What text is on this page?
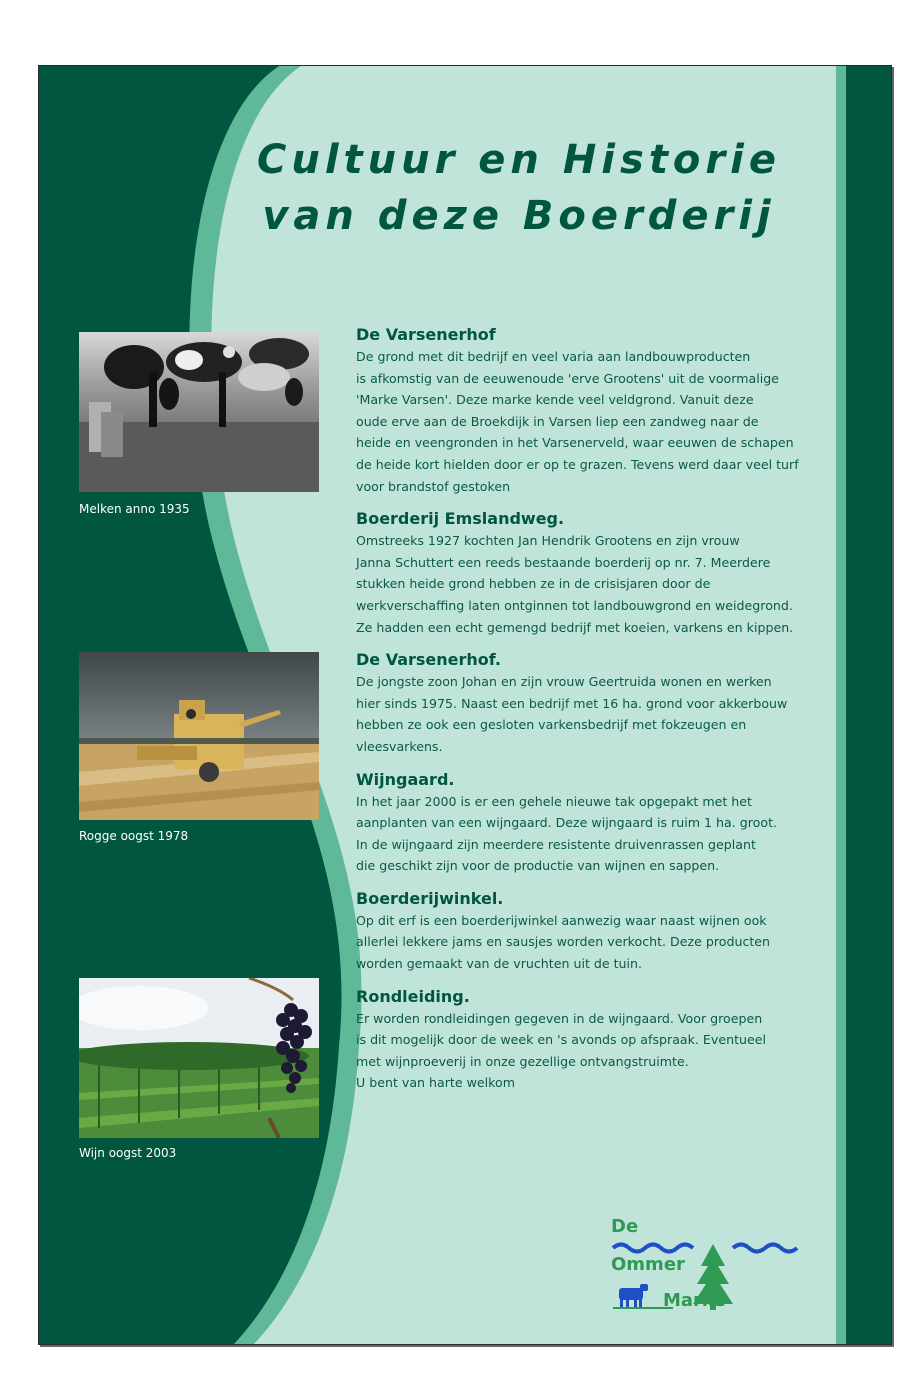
Cultuur en Historie
van deze Boerderij
Melken anno 1935
Rogge oogst 1978
Wijn oogst 2003
De Varsenerhof

De grond met dit bedrijf en veel varia aan landbouwproducten
is afkomstig van de eeuwenoude 'erve Grootens' uit de voormalige
'Marke Varsen'. Deze marke kende veel veldgrond. Vanuit deze
oude erve aan de Broekdijk in Varsen liep een zandweg naar de
heide en veengronden in het Varsenerveld, waar eeuwen de schapen
de heide kort hielden door er op te grazen. Tevens werd daar veel turf
voor brandstof gestoken

Boerderij Emslandweg.

Omstreeks 1927 kochten Jan Hendrik Grootens en zijn vrouw
Janna Schuttert een reeds bestaande boerderij op nr. 7. Meerdere
stukken heide grond hebben ze in de crisisjaren door de
werkverschaffing laten ontginnen tot landbouwgrond en weidegrond.
Ze hadden een echt gemengd bedrijf met koeien, varkens en kippen.

De Varsenerhof.

De jongste zoon Johan en zijn vrouw Geertruida wonen en werken
hier sinds 1975. Naast een bedrijf met 16 ha. grond voor akkerbouw
hebben ze ook een gesloten varkensbedrijf met fokzeugen en
vleesvarkens.

Wijngaard.

In het jaar 2000 is er een gehele nieuwe tak opgepakt met het
aanplanten van een wijngaard. Deze wijngaard is ruim 1 ha. groot.
In de wijngaard zijn meerdere resistente druivenrassen geplant
die geschikt zijn voor de productie van wijnen en sappen.

Boerderijwinkel.

Op dit erf is een boerderijwinkel aanwezig waar naast wijnen ook
allerlei lekkere jams en sausjes worden verkocht. Deze producten
worden gemaakt van de vruchten uit de tuin.

Rondleiding.

Er worden rondleidingen gegeven in de wijngaard. Voor groepen
is dit mogelijk door de week en 's avonds op afspraak. Eventueel
met wijnproeverij in onze gezellige ontvangstruimte.
U bent van harte welkom

De
Ommer
Marke
